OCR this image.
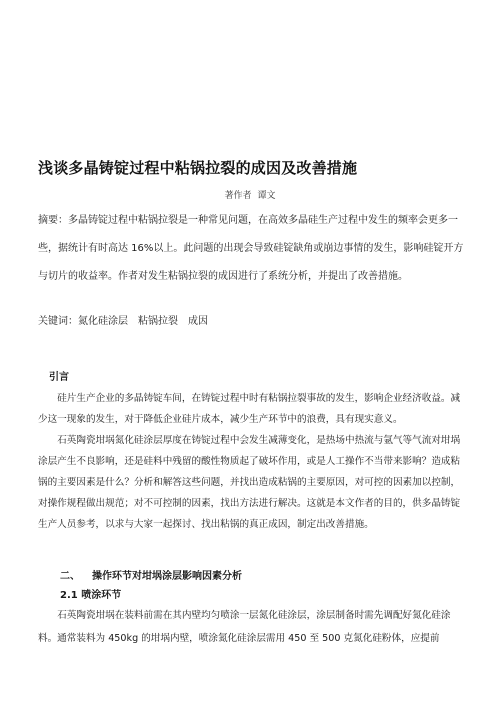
浅谈多晶铸锭过程中粘锅拉裂的成因及改善措施
著作者 谭文
摘要：多晶铸锭过程中粘锅拉裂是一种常见问题，在高效多晶硅生产过程中发生的频率会更多一些，据统计有时高达 16%以上。此问题的出现会导致硅锭缺角或崩边事情的发生，影响硅锭开方与切片的收益率。作者对发生粘锅拉裂的成因进行了系统分析，并提出了改善措施。
关键词：氮化硅涂层 粘锅拉裂 成因
引言

硅片生产企业的多晶铸锭车间，在铸锭过程中时有粘锅拉裂事故的发生，影响企业经济收益。减少这一现象的发生，对于降低企业硅片成本，减少生产环节中的浪费，具有现实意义。

石英陶瓷坩埚氮化硅涂层厚度在铸锭过程中会发生减薄变化，是热场中热流与氩气等气流对坩埚涂层产生不良影响，还是硅料中残留的酸性物质起了破坏作用，或是人工操作不当带来影响？造成粘锅的主要因素是什么？分析和解答这些问题，并找出造成粘锅的主要原因，对可控的因素加以控制，对操作规程做出规范；对不可控制的因素，找出方法进行解决。这就是本文作者的目的，供多晶铸锭生产人员参考，以求与大家一起探讨、找出粘锅的真正成因，制定出改善措施。

二、 操作环节对坩埚涂层影响因素分析
2.1 喷涂环节

石英陶瓷坩埚在装料前需在其内壁均匀喷涂一层氮化硅涂层，涂层制备时需先调配好氮化硅涂料。通常装料为 450kg 的坩埚内壁，喷涂氮化硅涂层需用 450 至 500 克氮化硅粉体，应提前
